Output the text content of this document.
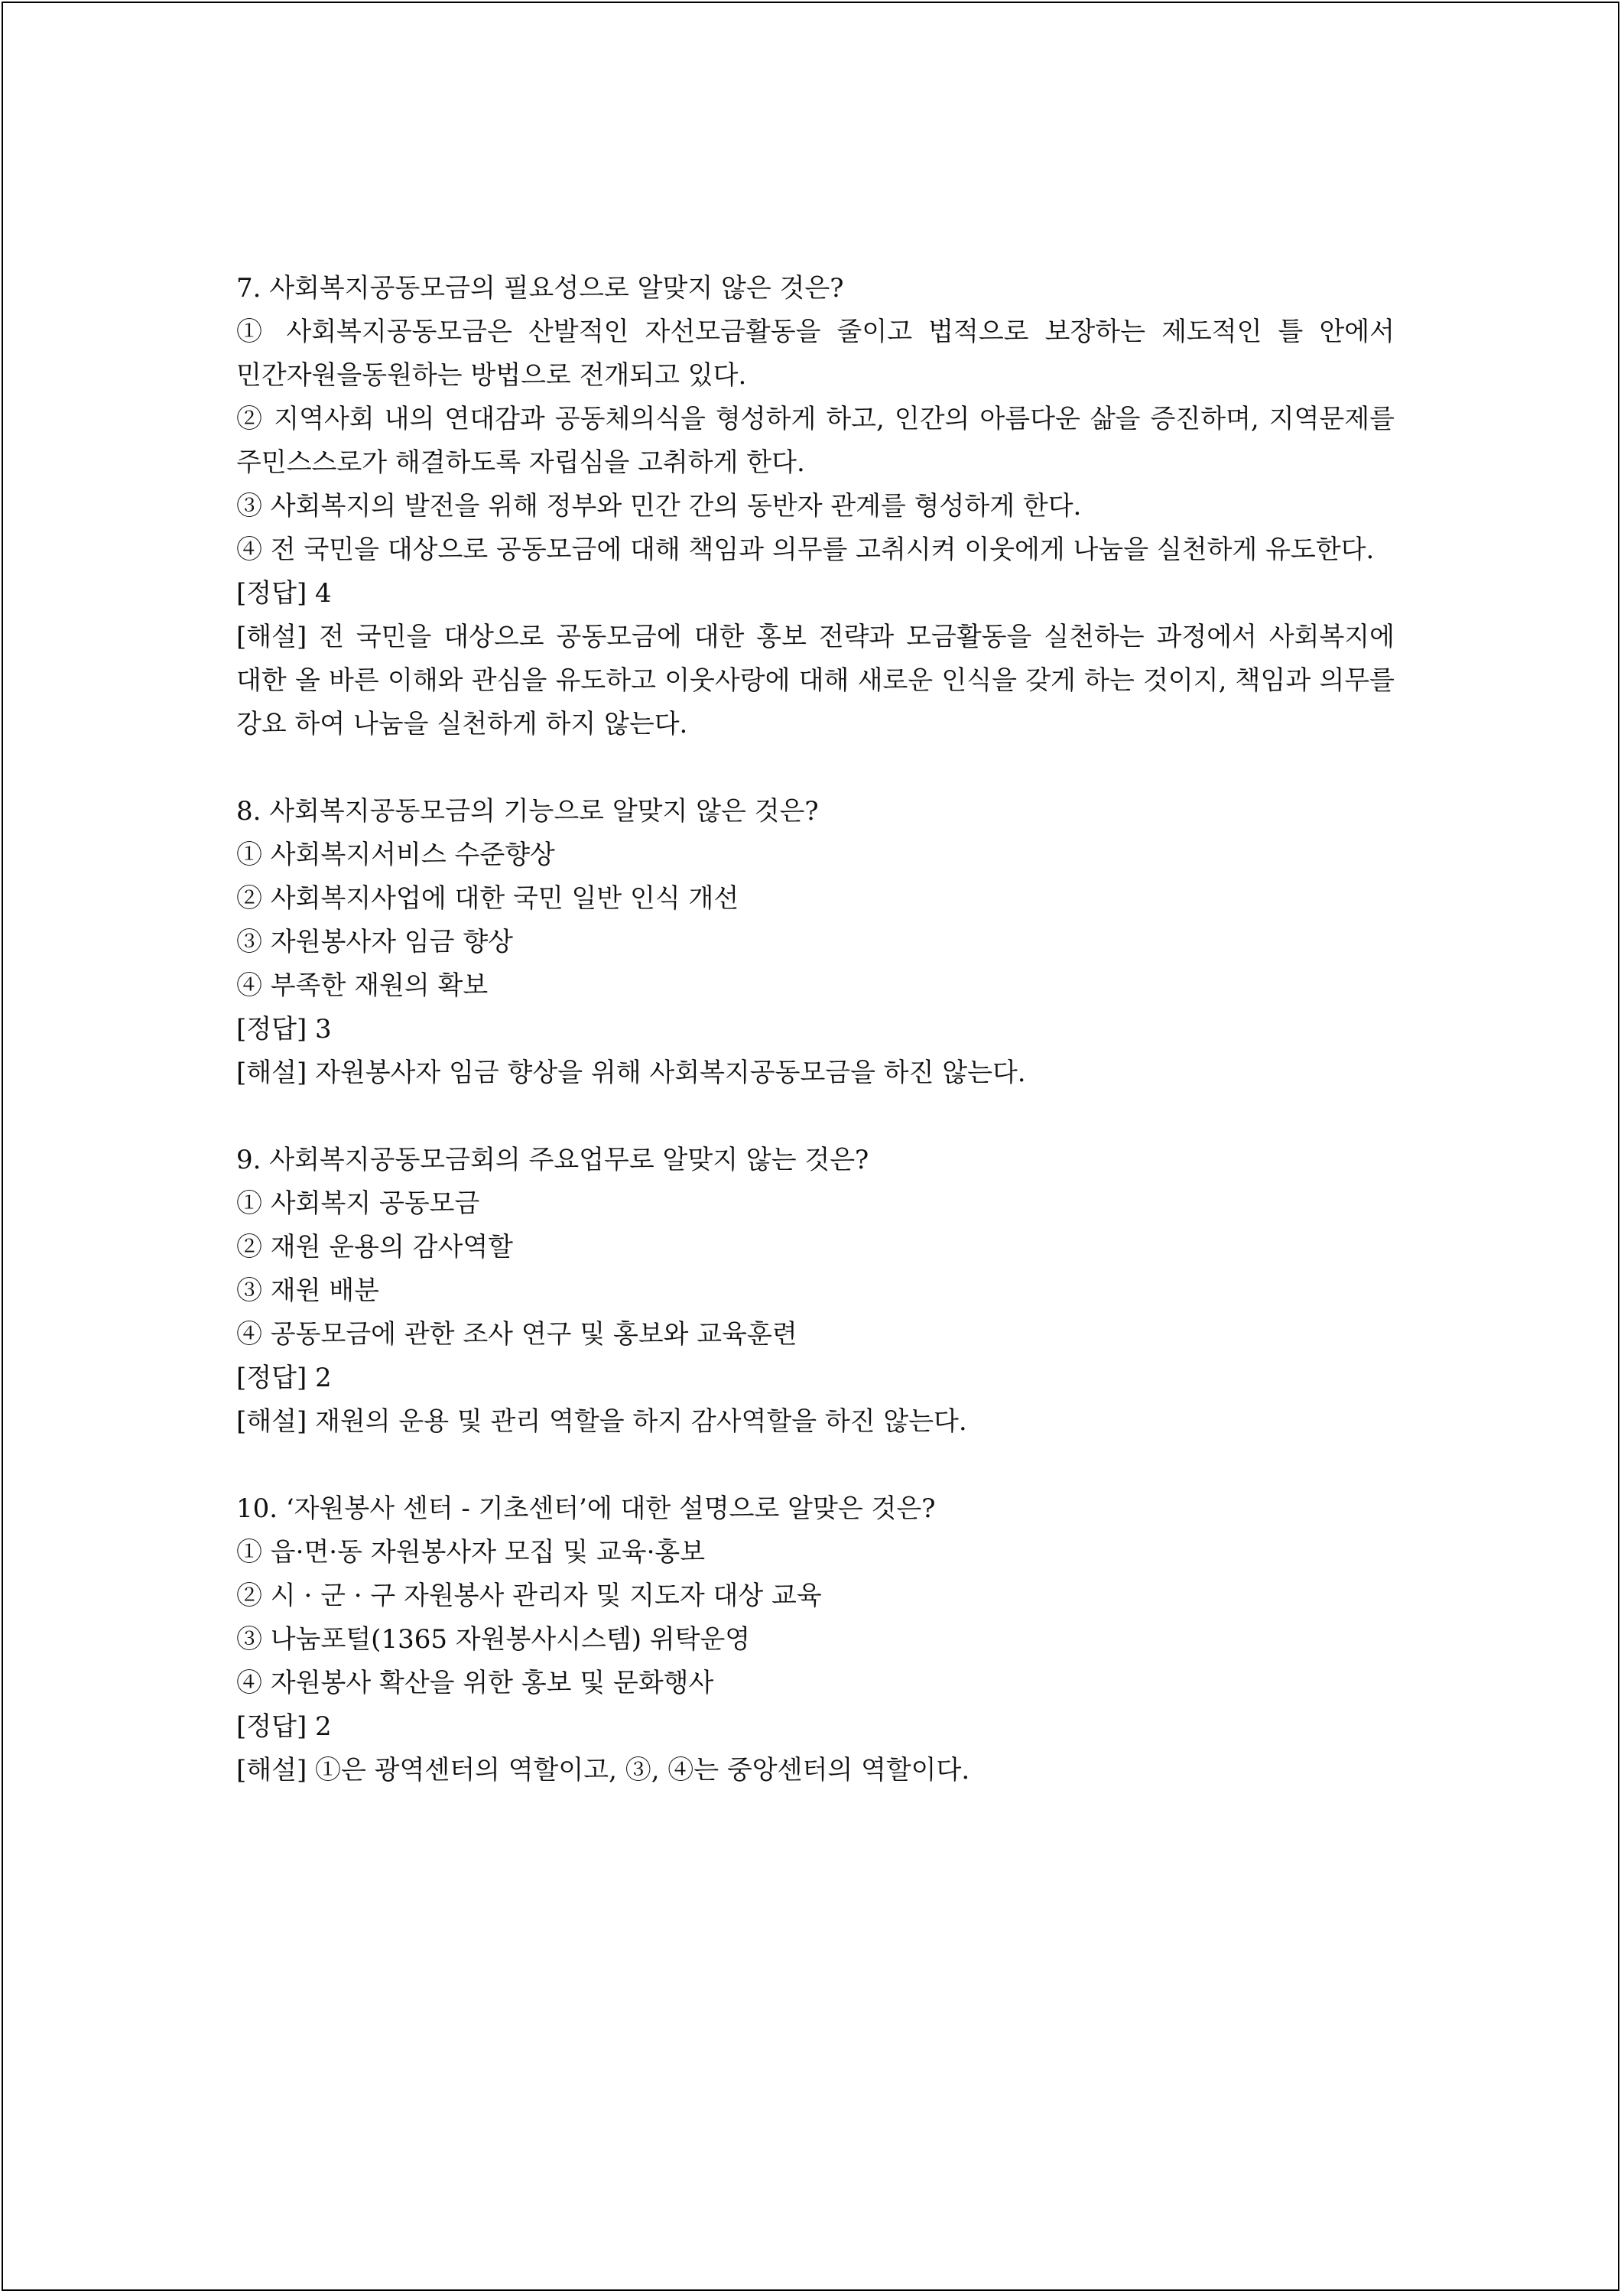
7. 사회복지공동모금의 필요성으로 알맞지 않은 것은?

① 사회복지공동모금은 산발적인 자선모금활동을 줄이고 법적으로 보장하는 제도적인 틀 안에서 민간자원을동원하는 방법으로 전개되고 있다.

② 지역사회 내의 연대감과 공동체의식을 형성하게 하고, 인간의 아름다운 삶을 증진하며, 지역문제를 주민스스로가 해결하도록 자립심을 고취하게 한다.

③ 사회복지의 발전을 위해 정부와 민간 간의 동반자 관계를 형성하게 한다.

④ 전 국민을 대상으로 공동모금에 대해 책임과 의무를 고취시켜 이웃에게 나눔을 실천하게 유도한다.

[정답] 4

[해설] 전 국민을 대상으로 공동모금에 대한 홍보 전략과 모금활동을 실천하는 과정에서 사회복지에 대한 올 바른 이해와 관심을 유도하고 이웃사랑에 대해 새로운 인식을 갖게 하는 것이지, 책임과 의무를 강요 하여 나눔을 실천하게 하지 않는다.

8. 사회복지공동모금의 기능으로 알맞지 않은 것은?

① 사회복지서비스 수준향상

② 사회복지사업에 대한 국민 일반 인식 개선

③ 자원봉사자 임금 향상

④ 부족한 재원의 확보

[정답] 3

[해설] 자원봉사자 임금 향상을 위해 사회복지공동모금을 하진 않는다.

9. 사회복지공동모금회의 주요업무로 알맞지 않는 것은?

① 사회복지 공동모금

② 재원 운용의 감사역할

③ 재원 배분

④ 공동모금에 관한 조사 연구 및 홍보와 교육훈련

[정답] 2

[해설] 재원의 운용 및 관리 역할을 하지 감사역할을 하진 않는다.

10. ‘자원봉사 센터 - 기초센터’에 대한 설명으로 알맞은 것은?

① 읍·면·동 자원봉사자 모집 및 교육·홍보

② 시 · 군 · 구 자원봉사 관리자 및 지도자 대상 교육

③ 나눔포털(1365 자원봉사시스템) 위탁운영

④ 자원봉사 확산을 위한 홍보 및 문화행사

[정답] 2

[해설] ①은 광역센터의 역할이고, ③, ④는 중앙센터의 역할이다.
